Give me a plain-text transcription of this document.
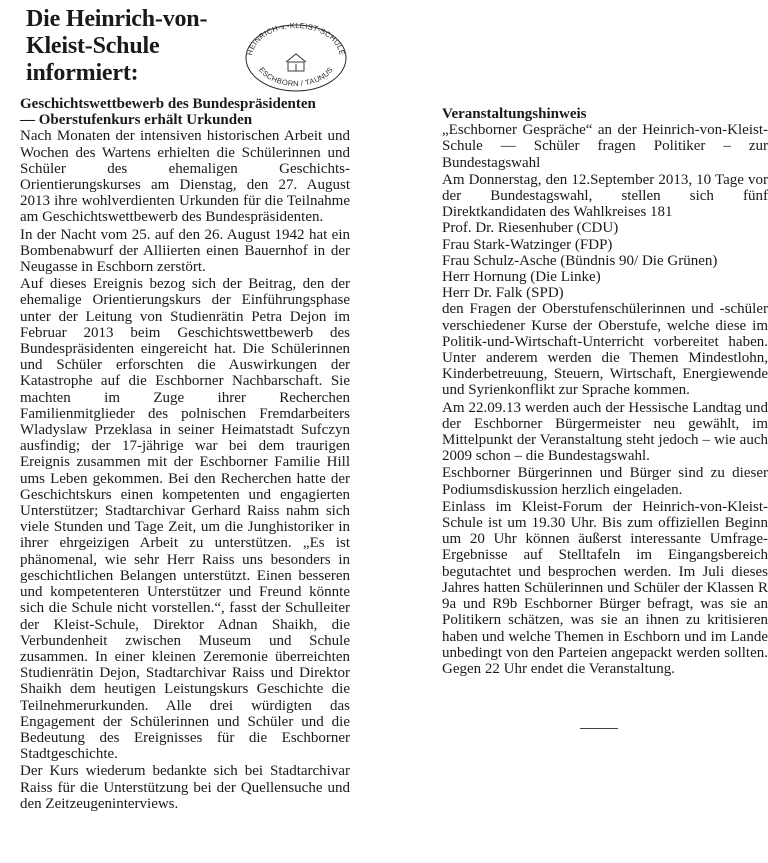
Die Heinrich-von-
Kleist-Schule
informiert:
HEINRICH-v.-KLEIST-SCHULE
ESCHBORN / TAUNUS
Geschichtswettbewerb des Bundespräsidenten
— Oberstufenkurs erhält Urkunden
Nach Monaten der intensiven historischen Arbeit und Wochen des Wartens erhielten die Schülerinnen und Schüler des ehemaligen Geschichts-Orientierungskurses am Dienstag, den 27. August 2013 ihre wohlverdienten Urkunden für die Teilnahme am Geschichtswettbewerb des Bundespräsidenten.
In der Nacht vom 25. auf den 26. August 1942 hat ein Bombenabwurf der Alliierten einen Bauernhof in der Neugasse in Eschborn zerstört.
Auf dieses Ereignis bezog sich der Beitrag, den der ehemalige Orientierungskurs der Einführungsphase unter der Leitung von Studienrätin Petra Dejon im Februar 2013 beim Geschichtswettbewerb des Bundespräsidenten eingereicht hat. Die Schülerinnen und Schüler erforschten die Auswirkungen der Katastrophe auf die Eschborner Nachbarschaft. Sie machten im Zuge ihrer Recherchen Familienmitglieder des polnischen Fremdarbeiters Wladyslaw Przeklasa in seiner Heimatstadt Sufczyn ausfindig; der 17-jährige war bei dem traurigen Ereignis zusammen mit der Eschborner Familie Hill ums Leben gekommen. Bei den Recherchen hatte der Geschichtskurs einen kompetenten und engagierten Unterstützer; Stadtarchivar Gerhard Raiss nahm sich viele Stunden und Tage Zeit, um die Junghistoriker in ihrer ehrgeizigen Arbeit zu unterstützen. „Es ist phänomenal, wie sehr Herr Raiss uns besonders in geschichtlichen Belangen unterstützt. Einen besseren und kompetenteren Unterstützer und Freund könnte sich die Schule nicht vorstellen.“, fasst der Schulleiter der Kleist-Schule, Direktor Adnan Shaikh, die Verbundenheit zwischen Museum und Schule zusammen. In einer kleinen Zeremonie überreichten Studienrätin Dejon, Stadtarchivar Raiss und Direktor Shaikh dem heutigen Leistungskurs Geschichte die Teilnehmerurkunden. Alle drei würdigten das Engagement der Schülerinnen und Schüler und die Bedeutung des Ereignisses für die Eschborner Stadtgeschichte.
Der Kurs wiederum bedankte sich bei Stadtarchivar Raiss für die Unterstützung bei der Quellensuche und den Zeitzeugeninterviews.
Veranstaltungshinweis
„Eschborner Gespräche“ an der Heinrich-von-Kleist-Schule — Schüler fragen Politiker – zur Bundestagswahl
Am Donnerstag, den 12.September 2013, 10 Tage vor der Bundestagswahl, stellen sich fünf Direktkandidaten des Wahlkreises 181
Prof. Dr. Riesenhuber (CDU)
Frau Stark-Watzinger (FDP)
Frau Schulz-Asche (Bündnis 90/ Die Grünen)
Herr Hornung (Die Linke)
Herr Dr. Falk (SPD)
den Fragen der Oberstufenschülerinnen und -schüler verschiedener Kurse der Oberstufe, welche diese im Politik-und-Wirtschaft-Unterricht vorbereitet haben. Unter anderem werden die Themen Mindestlohn, Kinderbetreuung, Steuern, Wirtschaft, Energiewende und Syrienkonflikt zur Sprache kommen.
Am 22.09.13 werden auch der Hessische Landtag und der Eschborner Bürgermeister neu gewählt, im Mittelpunkt der Veranstaltung steht jedoch – wie auch 2009 schon – die Bundestagswahl.
Eschborner Bürgerinnen und Bürger sind zu dieser Podiumsdiskussion herzlich eingeladen.
Einlass im Kleist-Forum der Heinrich-von-Kleist-Schule ist um 19.30 Uhr. Bis zum offiziellen Beginn um 20 Uhr können äußerst interessante Umfrage-Ergebnisse auf Stelltafeln im Eingangsbereich begutachtet und besprochen werden. Im Juli dieses Jahres hatten Schülerinnen und Schüler der Klassen R 9a und R9b Eschborner Bürger befragt, was sie an Politikern schätzen, was sie an ihnen zu kritisieren haben und welche Themen in Eschborn und im Lande unbedingt von den Parteien angepackt werden sollten. Gegen 22 Uhr endet die Veranstaltung.
